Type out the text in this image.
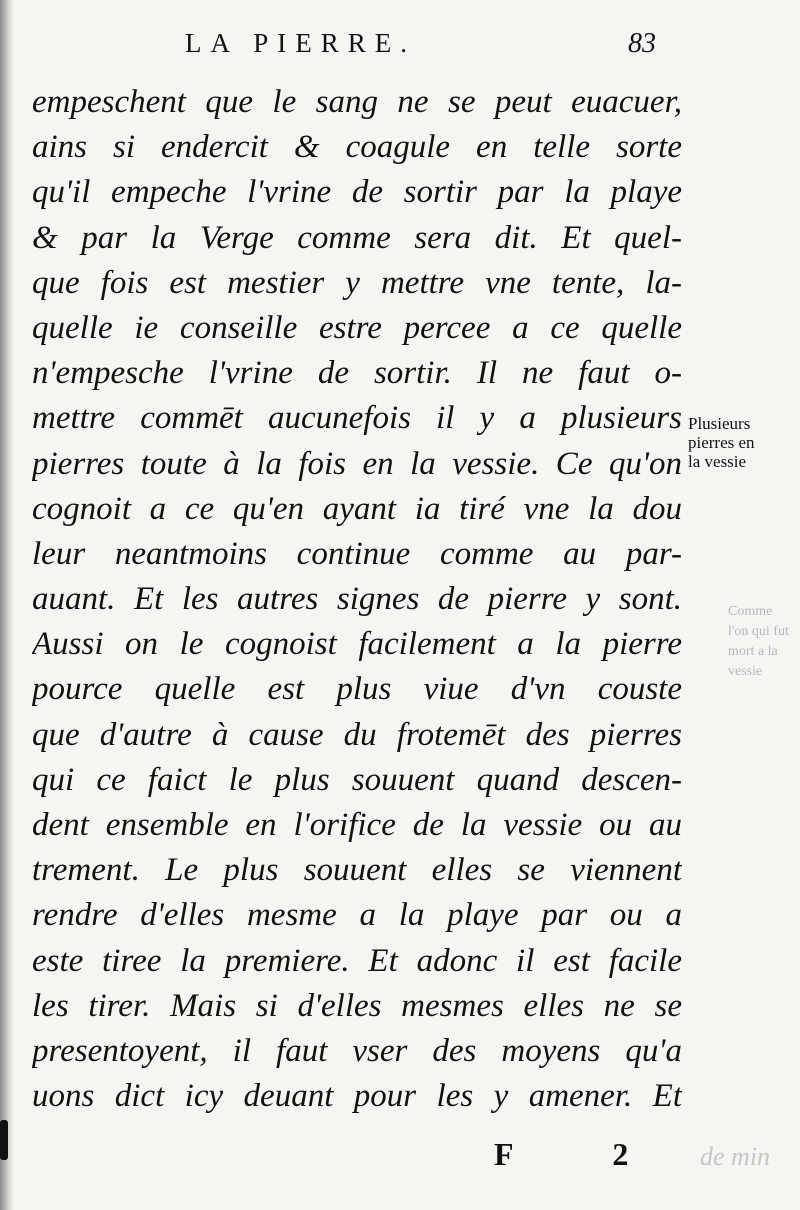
LA PIERRE.	83
empeschent que le sang ne se peut euacuer,
ains si endercit & coagule en telle sorte
qu'il empeche l'vrine de sortir par la playe
& par la Verge comme sera dit. Et quel-
que fois est mestier y mettre vne tente, la-
quelle ie conseille estre percee a ce quelle
n'empesche l'vrine de sortir. Il ne faut o-
mettre commēt aucunefois il y a plusieurs
pierres toute à la fois en la vessie. Ce qu'on
cognoit a ce qu'en ayant ia tiré vne la dou
leur neantmoins continue comme au par-
auant. Et les autres signes de pierre y sont.
Aussi on le cognoist facilement a la pierre
pource quelle est plus viue d'vn couste
que d'autre à cause du frotemēt des pierres
qui ce faict le plus souuent quand descen-
dent ensemble en l'orifice de la vessie ou au
trement. Le plus souuent elles se viennent
rendre d'elles mesme a la playe par ou a
este tiree la premiere. Et adonc il est facile
les tirer. Mais si d'elles mesmes elles ne se
presentoyent, il faut vser des moyens qu'a
uons dict icy deuant pour les y amener. Et
Plusieurs
pierres en
la vessie
Comme
l'on qui fut
mort a la
vessie
de min
F 2
